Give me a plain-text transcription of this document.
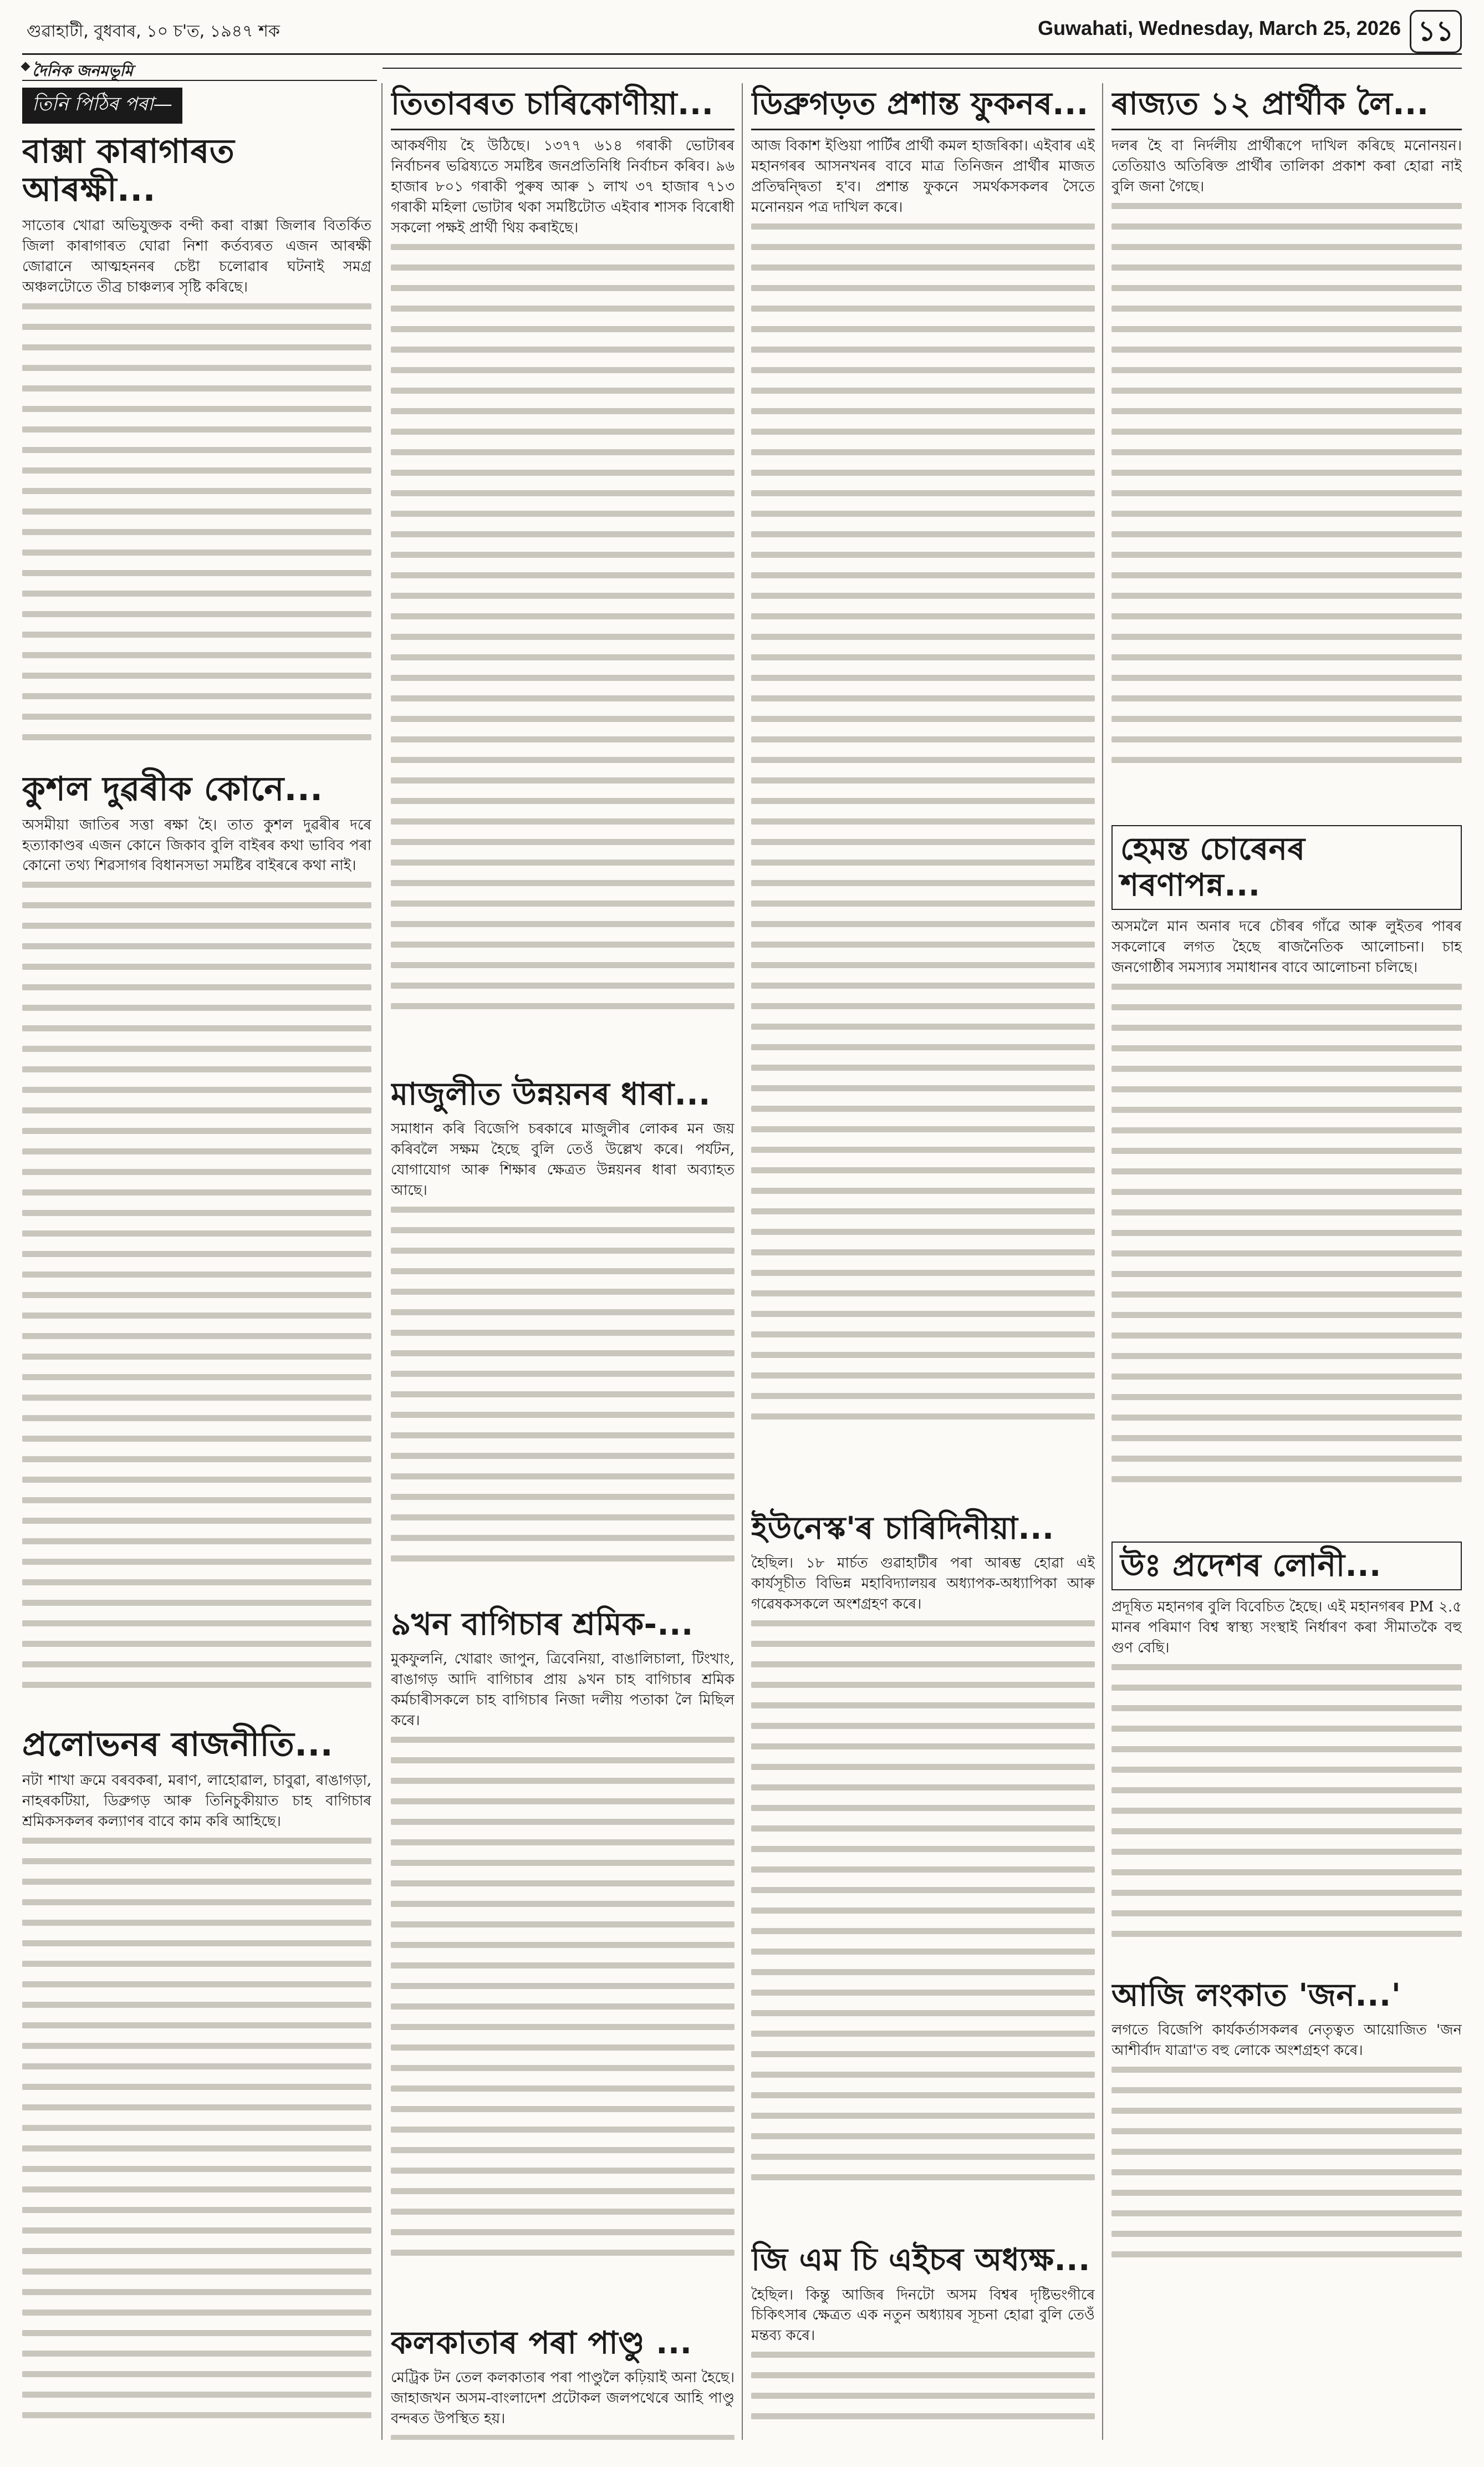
গুৱাহাটী, বুধবাৰ, ১০ চ'ত, ১৯৪৭ শক	Guwahati, Wednesday, March 25, 2026 ১১
দৈনিক জনমভূমি
তিনি পিঠিৰ পৰা—
বাক্সা কাৰাগাৰত আৰক্ষী...

সাতোৰ খোৱা অভিযুক্তক বন্দী কৰা বাক্সা জিলাৰ বিতৰ্কিত জিলা কাৰাগাৰত ঘোৱা নিশা কৰ্তব্যৰত এজন আৰক্ষী জোৱানে আত্মহননৰ চেষ্টা চলোৱাৰ ঘটনাই সমগ্ৰ অঞ্চলটোতে তীব্ৰ চাঞ্চল্যৰ সৃষ্টি কৰিছে।

কুশল দুৱৰীক কোনে...

অসমীয়া জাতিৰ সত্তা ৰক্ষা হৈ। তাত কুশল দুৱৰীৰ দৰে হত্যাকাণ্ডৰ এজন কোনে জিকাব বুলি বাইৰৰ কথা ভাবিব পৰা কোনো তথ্য শিৱসাগৰ বিধানসভা সমষ্টিৰ বাইৰৰে কথা নাই।

প্ৰলোভনৰ ৰাজনীতি...

নটা শাখা ক্ৰমে বৰবকৰা, মৰাণ, লাহোৱাল, চাবুৱা, ৰাঙাগড়া, নাহৰকটিয়া, ডিব্ৰুগড় আৰু তিনিচুকীয়াত চাহ বাগিচাৰ শ্ৰমিকসকলৰ কল্যাণৰ বাবে কাম কৰি আহিছে।

তিতাবৰত চাৰিকোণীয়া...

আকৰ্ষণীয় হৈ উঠিছে। ১৩৭৭ ৬১৪ গৰাকী ভোটাৰৰ নিৰ্বাচনৰ ভৱিষ্যতে সমষ্টিৰ জনপ্ৰতিনিধি নিৰ্বাচন কৰিব। ৯৬ হাজাৰ ৮০১ গৰাকী পুৰুষ আৰু ১ লাখ ৩৭ হাজাৰ ৭১৩ গৰাকী মহিলা ভোটাৰ থকা সমষ্টিটোত এইবাৰ শাসক বিৰোধী সকলো পক্ষই প্ৰাৰ্থী থিয় কৰাইছে।

মাজুলীত উন্নয়নৰ ধাৰা...

সমাধান কৰি বিজেপি চৰকাৰে মাজুলীৰ লোকৰ মন জয় কৰিবলৈ সক্ষম হৈছে বুলি তেওঁ উল্লেখ কৰে। পৰ্যটন, যোগাযোগ আৰু শিক্ষাৰ ক্ষেত্ৰত উন্নয়নৰ ধাৰা অব্যাহত আছে।

৯খন বাগিচাৰ শ্ৰমিক-...

মুকফুলনি, খোৱাং জাপুন, ত্ৰিবেনিয়া, বাঙালিচালা, টিংখাং, ৰাঙাগড় আদি বাগিচাৰ প্ৰায় ৯খন চাহ বাগিচাৰ শ্ৰমিক কৰ্মচাৰীসকলে চাহ বাগিচাৰ নিজা দলীয় পতাকা লৈ মিছিল কৰে।

কলকাতাৰ পৰা পাণ্ডু ...

মেট্ৰিক টন তেল কলকাতাৰ পৰা পাণ্ডুলৈ কঢ়িয়াই অনা হৈছে। জাহাজখন অসম-বাংলাদেশ প্ৰটোকল জলপথেৰে আহি পাণ্ডু বন্দৰত উপস্থিত হয়।

ডিব্ৰুগড়ত প্ৰশান্ত ফুকনৰ...

আজ বিকাশ ইণ্ডিয়া পাৰ্টিৰ প্ৰাৰ্থী কমল হাজৰিকা। এইবাৰ এই মহানগৰৰ আসনখনৰ বাবে মাত্ৰ তিনিজন প্ৰাৰ্থীৰ মাজত প্ৰতিদ্বন্দ্বিতা হ'ব। প্ৰশান্ত ফুকনে সমৰ্থকসকলৰ সৈতে মনোনয়ন পত্ৰ দাখিল কৰে।

ইউনেস্ক'ৰ চাৰিদিনীয়া...

হৈছিল। ১৮ মাৰ্চত গুৱাহাটীৰ পৰা আৰম্ভ হোৱা এই কাৰ্যসূচীত বিভিন্ন মহাবিদ্যালয়ৰ অধ্যাপক-অধ্যাপিকা আৰু গৱেষকসকলে অংশগ্ৰহণ কৰে।

জি এম চি এইচৰ অধ্যক্ষ...

হৈছিল। কিন্তু আজিৰ দিনটো অসম বিশ্বৰ দৃষ্টিভংগীৰে চিকিৎসাৰ ক্ষেত্ৰত এক নতুন অধ্যায়ৰ সূচনা হোৱা বুলি তেওঁ মন্তব্য কৰে।

ৰাজ্যত ১২ প্ৰাৰ্থীক লৈ...

দলৰ হৈ বা নিৰ্দলীয় প্ৰাৰ্থীৰূপে দাখিল কৰিছে মনোনয়ন। তেতিয়াও অতিৰিক্ত প্ৰাৰ্থীৰ তালিকা প্ৰকাশ কৰা হোৱা নাই বুলি জনা গৈছে।

হেমন্ত চোৰেনৰ শৰণাপন্ন...

অসমলৈ মান অনাৰ দৰে চৌৰৰ গাঁৱে আৰু লুইতৰ পাৰৰ সকলোৰে লগত হৈছে ৰাজনৈতিক আলোচনা। চাহ জনগোষ্ঠীৰ সমস্যাৰ সমাধানৰ বাবে আলোচনা চলিছে।

উঃ প্ৰদেশৰ লোনী...

প্ৰদূষিত মহানগৰ বুলি বিবেচিত হৈছে। এই মহানগৰৰ PM ২.৫ মানৰ পৰিমাণ বিশ্ব স্বাস্থ্য সংস্থাই নিৰ্ধাৰণ কৰা সীমাতকৈ বহু গুণ বেছি।

আজি লংকাত 'জন...'

লগতে বিজেপি কাৰ্যকৰ্তাসকলৰ নেতৃত্বত আয়োজিত 'জন আশীৰ্বাদ যাত্ৰা'ত বহু লোকে অংশগ্ৰহণ কৰে।
